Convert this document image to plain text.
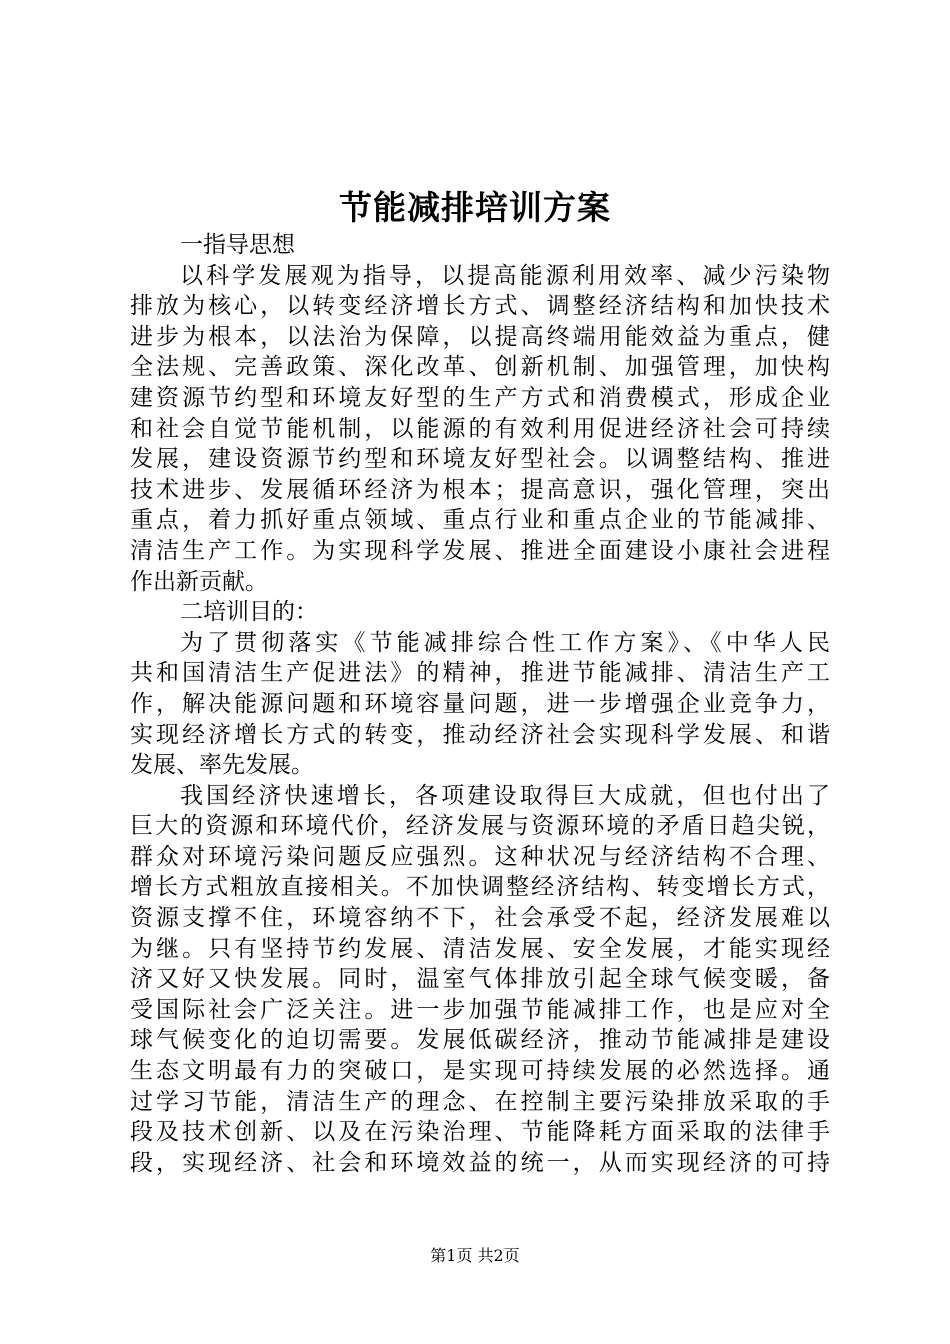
节能减排培训方案
一指导思想
以科学发展观为指导，以提高能源利用效率、减少污染物
排放为核心，以转变经济增长方式、调整经济结构和加快技术
进步为根本，以法治为保障，以提高终端用能效益为重点，健
全法规、完善政策、深化改革、创新机制、加强管理，加快构
建资源节约型和环境友好型的生产方式和消费模式，形成企业
和社会自觉节能机制，以能源的有效利用促进经济社会可持续
发展，建设资源节约型和环境友好型社会。以调整结构、推进
技术进步、发展循环经济为根本；提高意识，强化管理，突出
重点，着力抓好重点领域、重点行业和重点企业的节能减排、
清洁生产工作。为实现科学发展、推进全面建设小康社会进程
作出新贡献。
二培训目的：
为了贯彻落实《节能减排综合性工作方案》、《中华人民
共和国清洁生产促进法》的精神，推进节能减排、清洁生产工
作，解决能源问题和环境容量问题，进一步增强企业竞争力，
实现经济增长方式的转变，推动经济社会实现科学发展、和谐
发展、率先发展。
我国经济快速增长，各项建设取得巨大成就，但也付出了
巨大的资源和环境代价，经济发展与资源环境的矛盾日趋尖锐，
群众对环境污染问题反应强烈。这种状况与经济结构不合理、
增长方式粗放直接相关。不加快调整经济结构、转变增长方式，
资源支撑不住，环境容纳不下，社会承受不起，经济发展难以
为继。只有坚持节约发展、清洁发展、安全发展，才能实现经
济又好又快发展。同时，温室气体排放引起全球气候变暖，备
受国际社会广泛关注。进一步加强节能减排工作，也是应对全
球气候变化的迫切需要。发展低碳经济，推动节能减排是建设
生态文明最有力的突破口，是实现可持续发展的必然选择。通
过学习节能，清洁生产的理念、在控制主要污染排放采取的手
段及技术创新、以及在污染治理、节能降耗方面采取的法律手
段，实现经济、社会和环境效益的统一，从而实现经济的可持
第1页 共2页
